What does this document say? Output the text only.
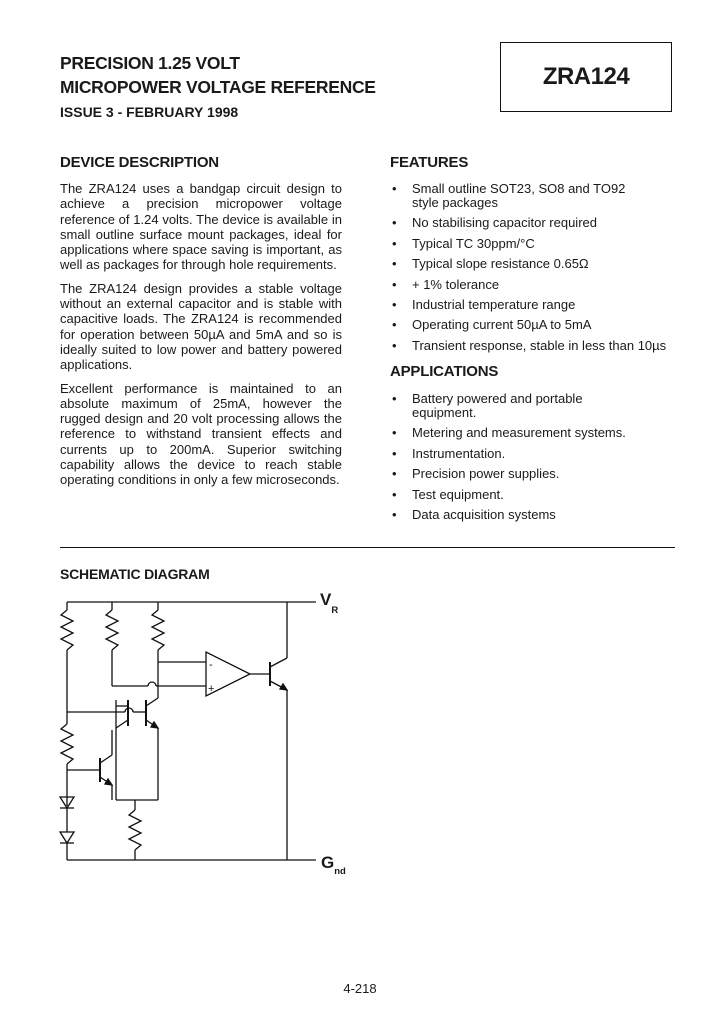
PRECISION 1.25 VOLT
MICROPOWER VOLTAGE REFERENCE
ISSUE 3 - FEBRUARY 1998
ZRA124
DEVICE DESCRIPTION

The ZRA124 uses a bandgap circuit design to achieve a precision micropower voltage reference of 1.24 volts. The device is available in small outline surface mount packages, ideal for applications where space saving is important, as well as packages for through hole requirements.

The ZRA124 design provides a stable voltage without an external capacitor and is stable with capacitive loads. The ZRA124 is recommended for operation between 50µA and 5mA and so is ideally suited to low power and battery powered applications.

Excellent performance is maintained to an absolute maximum of 25mA, however the rugged design and 20 volt processing allows the reference to withstand transient effects and currents up to 200mA. Superior switching capability allows the device to reach stable operating conditions in only a few microseconds.

FEATURES
• Small outline SOT23, SO8 and TO92 style packages
• No stabilising capacitor required
• Typical TC 30ppm/°C
• Typical slope resistance 0.65Ω
• + 1% tolerance
• Industrial temperature range
• Operating current 50µA to 5mA
• Transient response, stable in less than 10µs
APPLICATIONS
• Battery powered and portable equipment.
• Metering and measurement systems.
• Instrumentation.
• Precision power supplies.
• Test equipment.
• Data acquisition systems
SCHEMATIC DIAGRAM
-
+
$V_R$
$G_{nd}$
4-218
